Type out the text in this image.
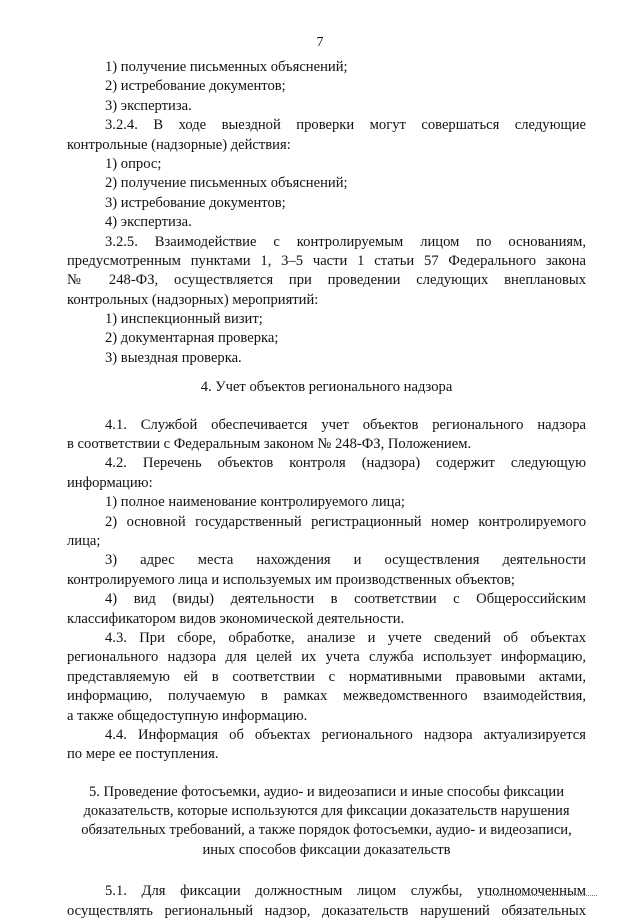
7
1) получение письменных объяснений;
2) истребование документов;
3) экспертиза.
3.2.4. В ходе выездной проверки могут совершаться следующие
контрольные (надзорные) действия:
1) опрос;
2) получение письменных объяснений;
3) истребование документов;
4) экспертиза.
3.2.5. Взаимодействие с контролируемым лицом по основаниям,
предусмотренным пунктами 1, 3–5 части 1 статьи 57 Федерального закона
№ 248-ФЗ, осуществляется при проведении следующих внеплановых
контрольных (надзорных) мероприятий:
1) инспекционный визит;
2) документарная проверка;
3) выездная проверка.
4. Учет объектов регионального надзора
4.1. Службой обеспечивается учет объектов регионального надзора
в соответствии с Федеральным законом № 248-ФЗ, Положением.
4.2. Перечень объектов контроля (надзора) содержит следующую
информацию:
1) полное наименование контролируемого лица;
2) основной государственный регистрационный номер контролируемого
лица;
3) адрес места нахождения и осуществления деятельности
контролируемого лица и используемых им производственных объектов;
4) вид (виды) деятельности в соответствии с Общероссийским
классификатором видов экономической деятельности.
4.3. При сборе, обработке, анализе и учете сведений об объектах
регионального надзора для целей их учета служба использует информацию,
представляемую ей в соответствии с нормативными правовыми актами,
информацию, получаемую в рамках межведомственного взаимодействия,
а также общедоступную информацию.
4.4. Информация об объектах регионального надзора актуализируется
по мере ее поступления.
5. Проведение фотосъемки, аудио- и видеозаписи и иные способы фиксации
доказательств, которые используются для фиксации доказательств нарушения
обязательных требований, а также порядок фотосъемки, аудио- и видеозаписи,
иных способов фиксации доказательств
5.1. Для фиксации должностным лицом службы, уполномоченным
осуществлять региональный надзор, доказательств нарушений обязательных
